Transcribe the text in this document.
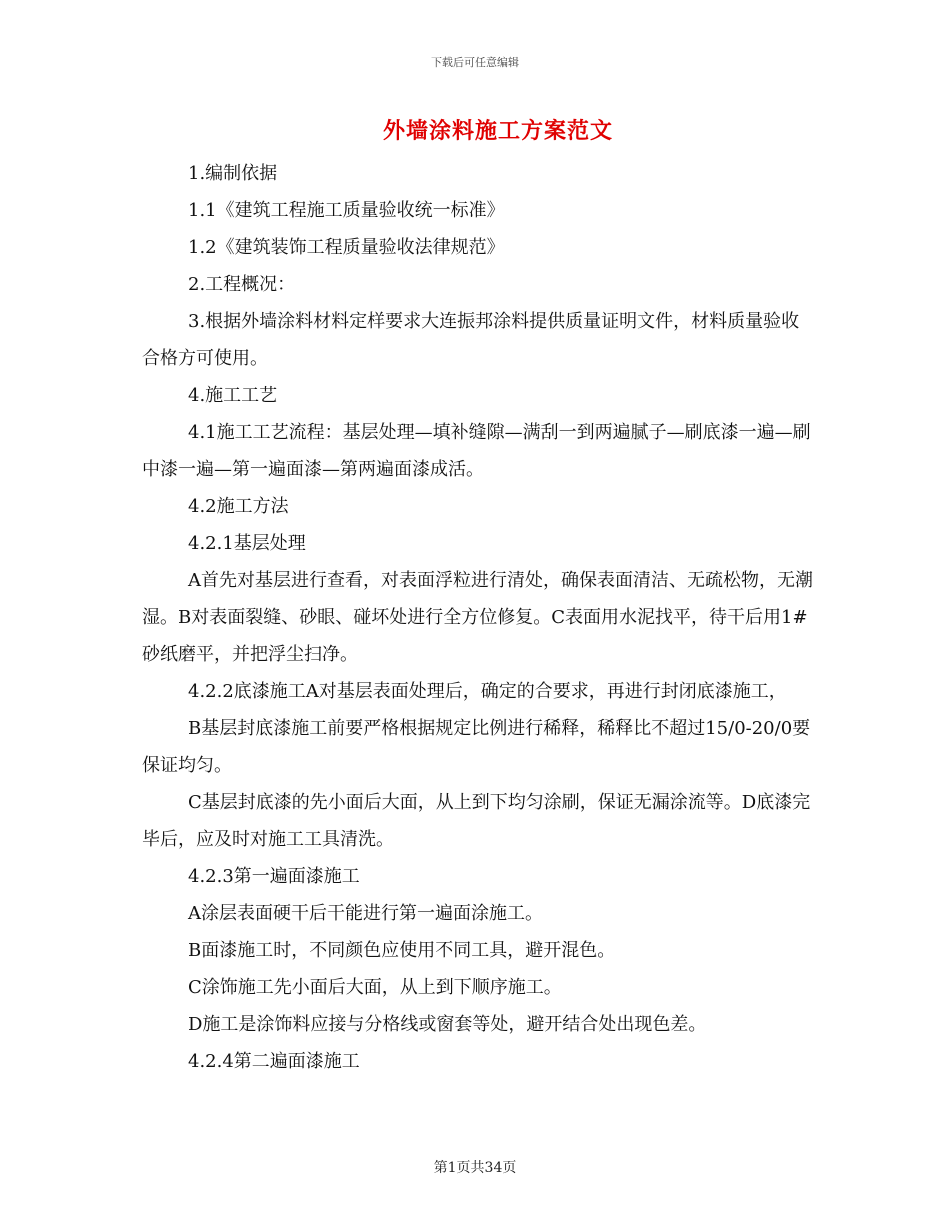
下载后可任意编辑
外墙涂料施工方案范文

1.编制依据

1.1《建筑工程施工质量验收统一标准》

1.2《建筑装饰工程质量验收法律规范》

2.工程概况：

3.根据外墙涂料材料定样要求大连振邦涂料提供质量证明文件，材料质量验收合格方可使用。

4.施工工艺

4.1施工工艺流程：基层处理—填补缝隙—满刮一到两遍腻子—刷底漆一遍—刷中漆一遍—第一遍面漆—第两遍面漆成活。

4.2施工方法

4.2.1基层处理

A首先对基层进行查看，对表面浮粒进行清处，确保表面清洁、无疏松物，无潮湿。B对表面裂缝、砂眼、碰坏处进行全方位修复。C表面用水泥找平，待干后用1#砂纸磨平，并把浮尘扫净。

4.2.2底漆施工A对基层表面处理后，确定的合要求，再进行封闭底漆施工，

B基层封底漆施工前要严格根据规定比例进行稀释，稀释比不超过15/0-20/0要保证均匀。

C基层封底漆的先小面后大面，从上到下均匀涂刷，保证无漏涂流等。D底漆完毕后，应及时对施工工具清洗。

4.2.3第一遍面漆施工

A涂层表面硬干后干能进行第一遍面涂施工。

B面漆施工时，不同颜色应使用不同工具，避开混色。

C涂饰施工先小面后大面，从上到下顺序施工。

D施工是涂饰料应接与分格线或窗套等处，避开结合处出现色差。

4.2.4第二遍面漆施工

第1页共34页
